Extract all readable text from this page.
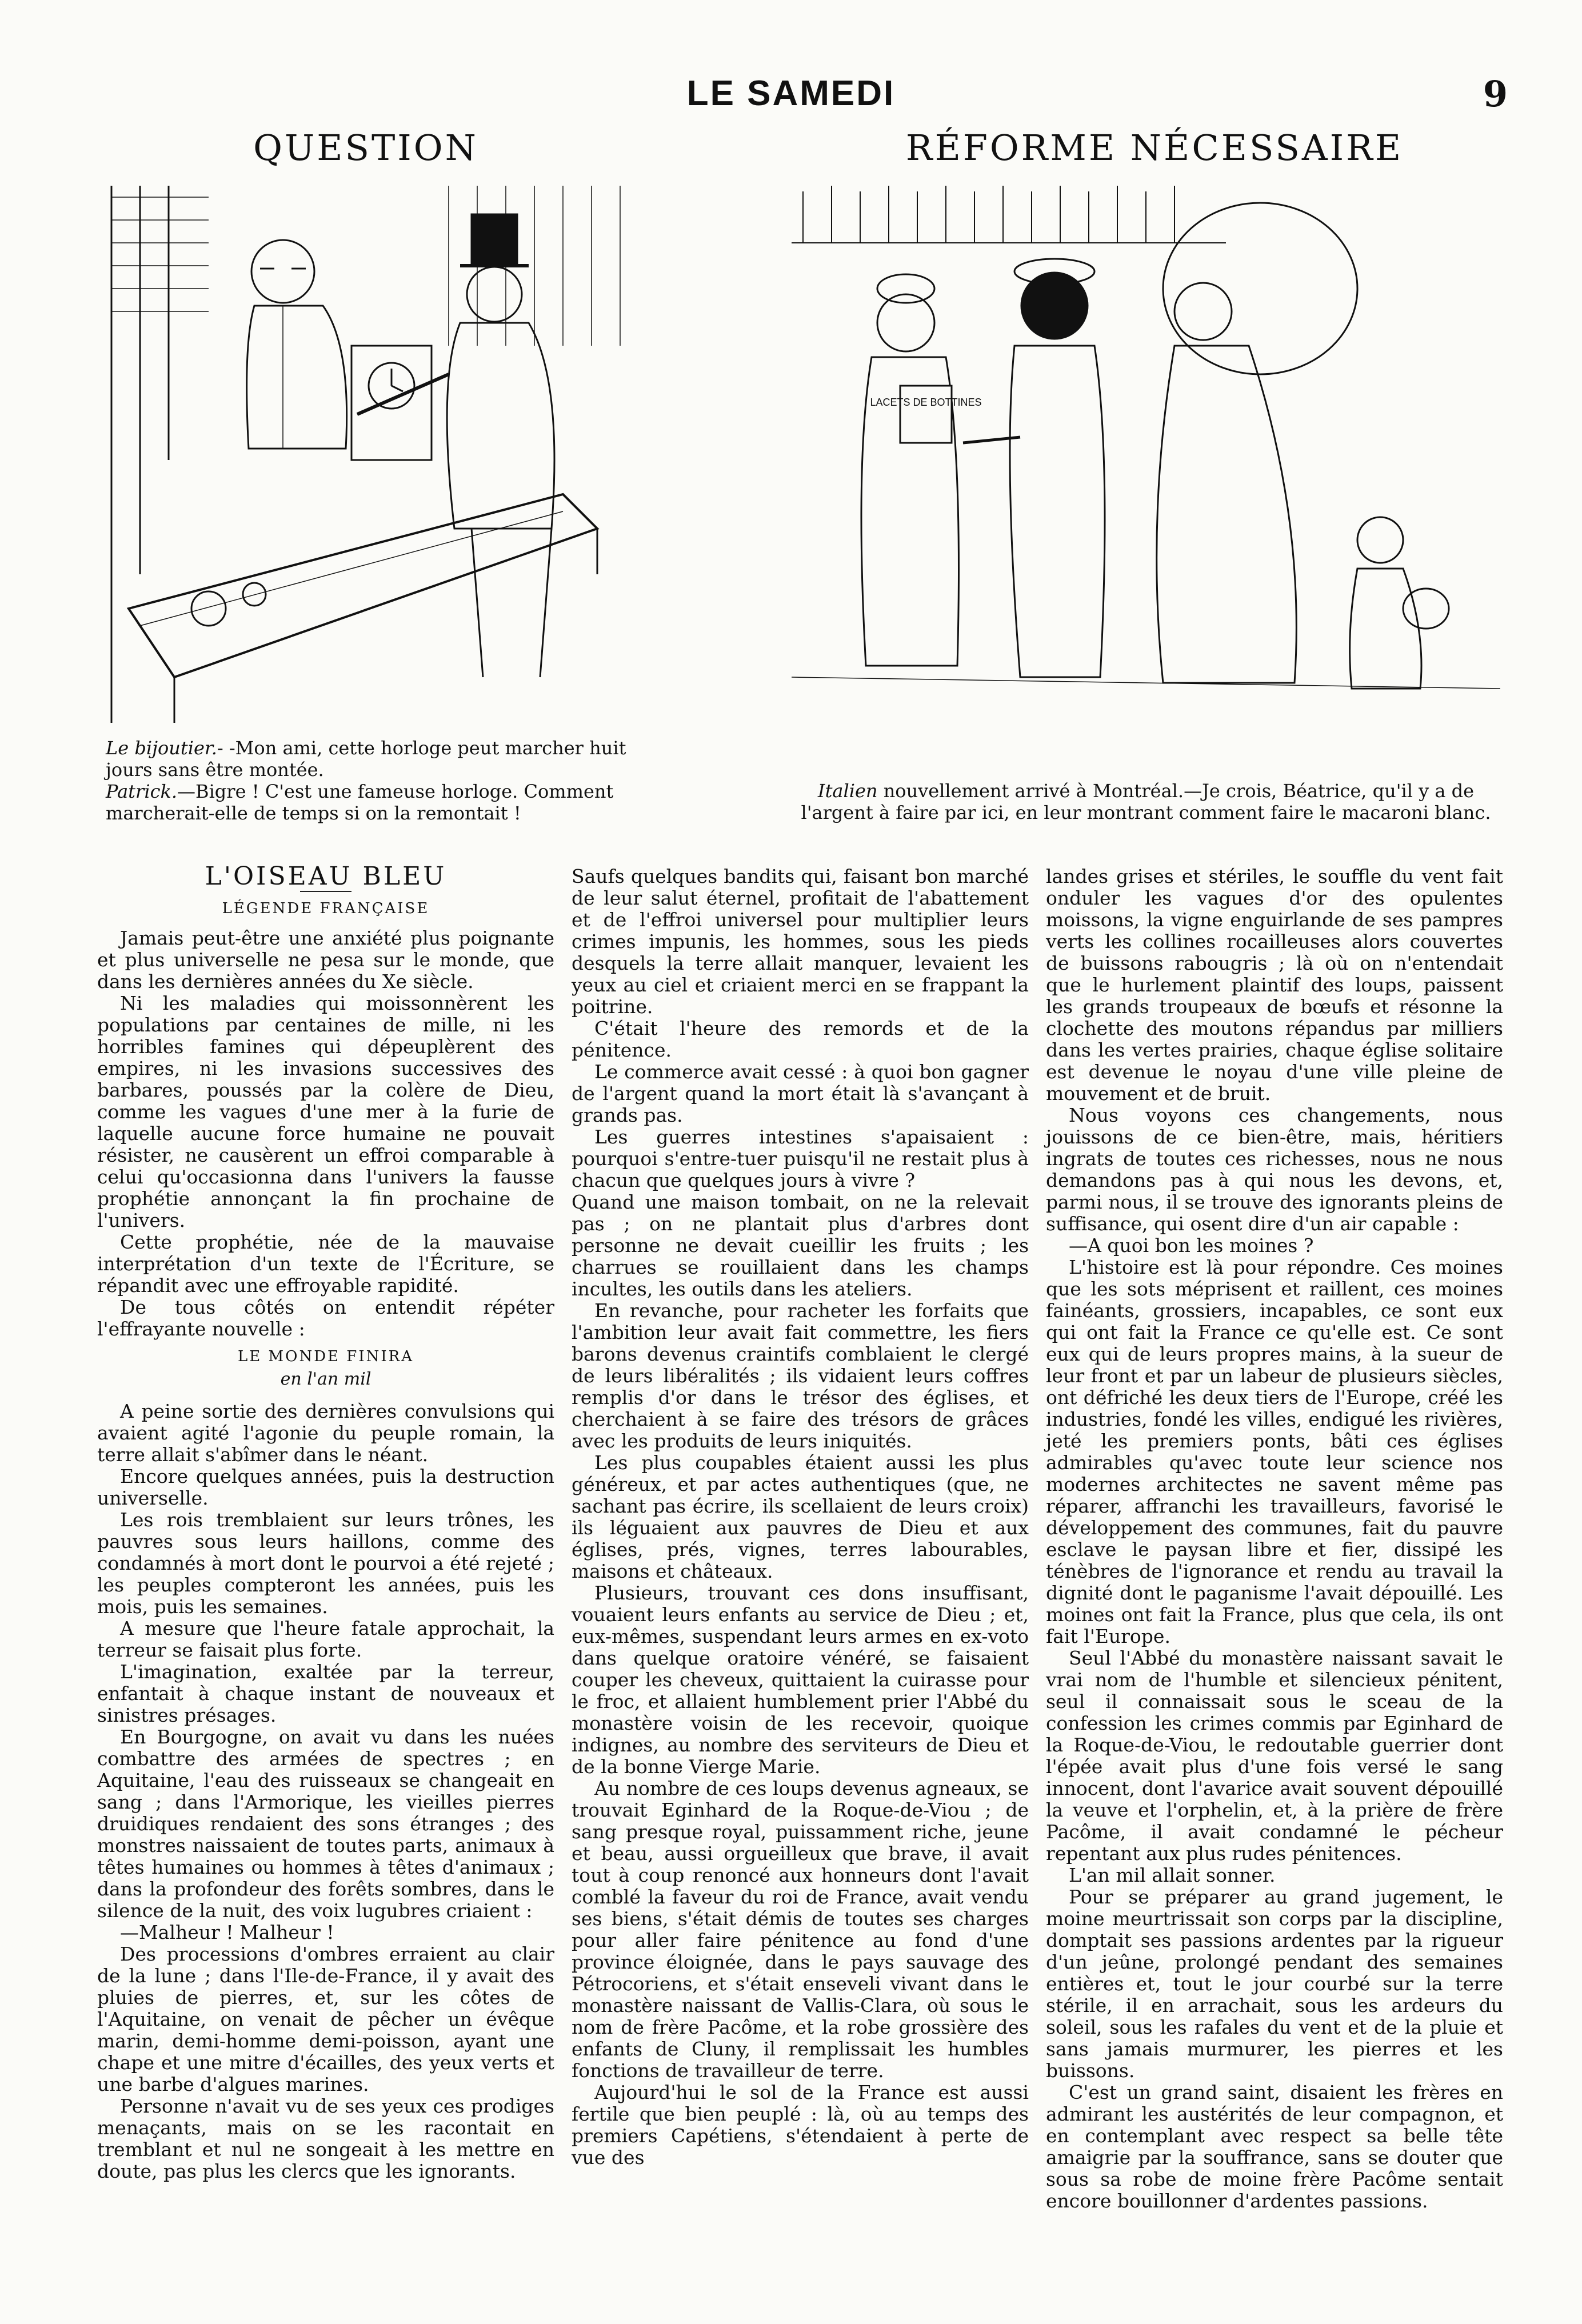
LE SAMEDI	9
QUESTION
Le bijoutier.- -Mon ami, cette horloge peut marcher huit jours sans être montée.
Patrick.—Bigre ! C'est une fameuse horloge. Comment marcherait-elle de temps si on la remontait !
RÉFORME NÉCESSAIRE
LACETS DE BOTTINES
Italien nouvellement arrivé à Montréal.—Je crois, Béatrice, qu'il y a de l'argent à faire par ici, en leur montrant comment faire le macaroni blanc.
L'OISEAU BLEU
LÉGENDE FRANÇAISE

Jamais peut-être une anxiété plus poignante et plus universelle ne pesa sur le monde, que dans les dernières années du Xe siècle.

Ni les maladies qui moissonnèrent les populations par centaines de mille, ni les horribles famines qui dépeuplèrent des empires, ni les invasions successives des barbares, poussés par la colère de Dieu, comme les vagues d'une mer à la furie de laquelle aucune force humaine ne pouvait résister, ne causèrent un effroi comparable à celui qu'occasionna dans l'univers la fausse prophétie annonçant la fin prochaine de l'univers.

Cette prophétie, née de la mauvaise interprétation d'un texte de l'Écriture, se répandit avec une effroyable rapidité.

De tous côtés on entendit répéter l'effrayante nouvelle :

LE MONDE FINIRA
en l'an mil

A peine sortie des dernières convulsions qui avaient agité l'agonie du peuple romain, la terre allait s'abîmer dans le néant.

Encore quelques années, puis la destruction universelle.

Les rois tremblaient sur leurs trônes, les pauvres sous leurs haillons, comme des condamnés à mort dont le pourvoi a été rejeté ; les peuples compteront les années, puis les mois, puis les semaines.

A mesure que l'heure fatale approchait, la terreur se faisait plus forte.

L'imagination, exaltée par la terreur, enfantait à chaque instant de nouveaux et sinistres présages.

En Bourgogne, on avait vu dans les nuées combattre des armées de spectres ; en Aquitaine, l'eau des ruisseaux se changeait en sang ; dans l'Armorique, les vieilles pierres druidiques rendaient des sons étranges ; des monstres naissaient de toutes parts, animaux à têtes humaines ou hommes à têtes d'animaux ; dans la profondeur des forêts sombres, dans le silence de la nuit, des voix lugubres criaient :

—Malheur ! Malheur !

Des processions d'ombres erraient au clair de la lune ; dans l'Ile-de-France, il y avait des pluies de pierres, et, sur les côtes de l'Aquitaine, on venait de pêcher un évêque marin, demi-homme demi-poisson, ayant une chape et une mitre d'écailles, des yeux verts et une barbe d'algues marines.

Personne n'avait vu de ses yeux ces prodiges menaçants, mais on se les racontait en tremblant et nul ne songeait à les mettre en doute, pas plus les clercs que les ignorants.

Saufs quelques bandits qui, faisant bon marché de leur salut éternel, profitait de l'abattement et de l'effroi universel pour multiplier leurs crimes impunis, les hommes, sous les pieds desquels la terre allait manquer, levaient les yeux au ciel et criaient merci en se frappant la poitrine.

C'était l'heure des remords et de la pénitence.

Le commerce avait cessé : à quoi bon gagner de l'argent quand la mort était là s'avançant à grands pas.

Les guerres intestines s'apaisaient : pourquoi s'entre-tuer puisqu'il ne restait plus à chacun que quelques jours à vivre ?

Quand une maison tombait, on ne la relevait pas ; on ne plantait plus d'arbres dont personne ne devait cueillir les fruits ; les charrues se rouillaient dans les champs incultes, les outils dans les ateliers.

En revanche, pour racheter les forfaits que l'ambition leur avait fait commettre, les fiers barons devenus craintifs comblaient le clergé de leurs libéralités ; ils vidaient leurs coffres remplis d'or dans le trésor des églises, et cherchaient à se faire des trésors de grâces avec les produits de leurs iniquités.

Les plus coupables étaient aussi les plus généreux, et par actes authentiques (que, ne sachant pas écrire, ils scellaient de leurs croix) ils léguaient aux pauvres de Dieu et aux églises, prés, vignes, terres labourables, maisons et châteaux.

Plusieurs, trouvant ces dons insuffisant, vouaient leurs enfants au service de Dieu ; et, eux-mêmes, suspendant leurs armes en ex-voto dans quelque oratoire vénéré, se faisaient couper les cheveux, quittaient la cuirasse pour le froc, et allaient humblement prier l'Abbé du monastère voisin de les recevoir, quoique indignes, au nombre des serviteurs de Dieu et de la bonne Vierge Marie.

Au nombre de ces loups devenus agneaux, se trouvait Eginhard de la Roque-de-Viou ; de sang presque royal, puissamment riche, jeune et beau, aussi orgueilleux que brave, il avait tout à coup renoncé aux honneurs dont l'avait comblé la faveur du roi de France, avait vendu ses biens, s'était démis de toutes ses charges pour aller faire pénitence au fond d'une province éloignée, dans le pays sauvage des Pétrocoriens, et s'était enseveli vivant dans le monastère naissant de Vallis-Clara, où sous le nom de frère Pacôme, et la robe grossière des enfants de Cluny, il remplissait les humbles fonctions de travailleur de terre.

Aujourd'hui le sol de la France est aussi fertile que bien peuplé : là, où au temps des premiers Capétiens, s'étendaient à perte de vue des

landes grises et stériles, le souffle du vent fait onduler les vagues d'or des opulentes moissons, la vigne enguirlande de ses pampres verts les collines rocailleuses alors couvertes de buissons rabougris ; là où on n'entendait que le hurlement plaintif des loups, paissent les grands troupeaux de bœufs et résonne la clochette des moutons répandus par milliers dans les vertes prairies, chaque église solitaire est devenue le noyau d'une ville pleine de mouvement et de bruit.

Nous voyons ces changements, nous jouissons de ce bien-être, mais, héritiers ingrats de toutes ces richesses, nous ne nous demandons pas à qui nous les devons, et, parmi nous, il se trouve des ignorants pleins de suffisance, qui osent dire d'un air capable :

—A quoi bon les moines ?

L'histoire est là pour répondre. Ces moines que les sots méprisent et raillent, ces moines fainéants, grossiers, incapables, ce sont eux qui ont fait la France ce qu'elle est. Ce sont eux qui de leurs propres mains, à la sueur de leur front et par un labeur de plusieurs siècles, ont défriché les deux tiers de l'Europe, créé les industries, fondé les villes, endigué les rivières, jeté les premiers ponts, bâti ces églises admirables qu'avec toute leur science nos modernes architectes ne savent même pas réparer, affranchi les travailleurs, favorisé le développement des communes, fait du pauvre esclave le paysan libre et fier, dissipé les ténèbres de l'ignorance et rendu au travail la dignité dont le paganisme l'avait dépouillé. Les moines ont fait la France, plus que cela, ils ont fait l'Europe.

Seul l'Abbé du monastère naissant savait le vrai nom de l'humble et silencieux pénitent, seul il connaissait sous le sceau de la confession les crimes commis par Eginhard de la Roque-de-Viou, le redoutable guerrier dont l'épée avait plus d'une fois versé le sang innocent, dont l'avarice avait souvent dépouillé la veuve et l'orphelin, et, à la prière de frère Pacôme, il avait condamné le pécheur repentant aux plus rudes pénitences.

L'an mil allait sonner.

Pour se préparer au grand jugement, le moine meurtrissait son corps par la discipline, domptait ses passions ardentes par la rigueur d'un jeûne, prolongé pendant des semaines entières et, tout le jour courbé sur la terre stérile, il en arrachait, sous les ardeurs du soleil, sous les rafales du vent et de la pluie et sans jamais murmurer, les pierres et les buissons.

C'est un grand saint, disaient les frères en admirant les austérités de leur compagnon, et en contemplant avec respect sa belle tête amaigrie par la souffrance, sans se douter que sous sa robe de moine frère Pacôme sentait encore bouillonner d'ardentes passions.
